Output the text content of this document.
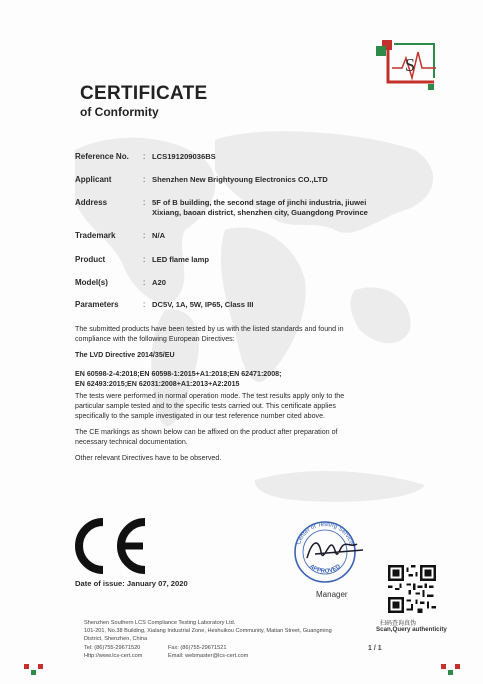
S
CERTIFICATE
of Conformity
Reference No. : LCS191209036BS
Applicant	: Shenzhen New Brightyoung Electronics CO.,LTD
Address	: 5F of B building, the second stage of jinchi industria, jiuwei
Xixiang, baoan district, shenzhen city, Guangdong Province
Trademark	: N/A
Product	: LED flame lamp
Model(s)	: A20
Parameters	: DC5V, 1A, 5W, IP65, Class III
The submitted products have been tested by us with the listed standards and found in
compliance with the following European Directives:
The LVD Directive 2014/35/EU
EN 60598-2-4:2018;EN 60598-1:2015+A1:2018;EN 62471:2008;
EN 62493:2015;EN 62031:2008+A1:2013+A2:2015
The tests were performed in normal operation mode. The test results apply only to the
particular sample tested and to the specific tests carried out. This certificate applies
specifically to the sample investigated in our test reference number cited above.
The CE markings as shown below can be affixed on the product after preparation of
necessary technical documentation.
Other relevant Directives have to be observed.
Date of issue: January 07, 2020
Center of Testing Service
APPROVED
Manager
扫码查询真伪
Scan,Query authenticity
Shenzhen Southern LCS Compliance Testing Laboratory Ltd.
101-201, No.38 Building, Xialang Industrial Zone, Heshuikou Community, Matian Street, Guangming
District, Shenzhen, China
Tel: (86)755-29671520	Fax: (86)755-29671521
Http://www.lcs-cert.com	Email: webmaster@lcs-cert.com
1 / 1
